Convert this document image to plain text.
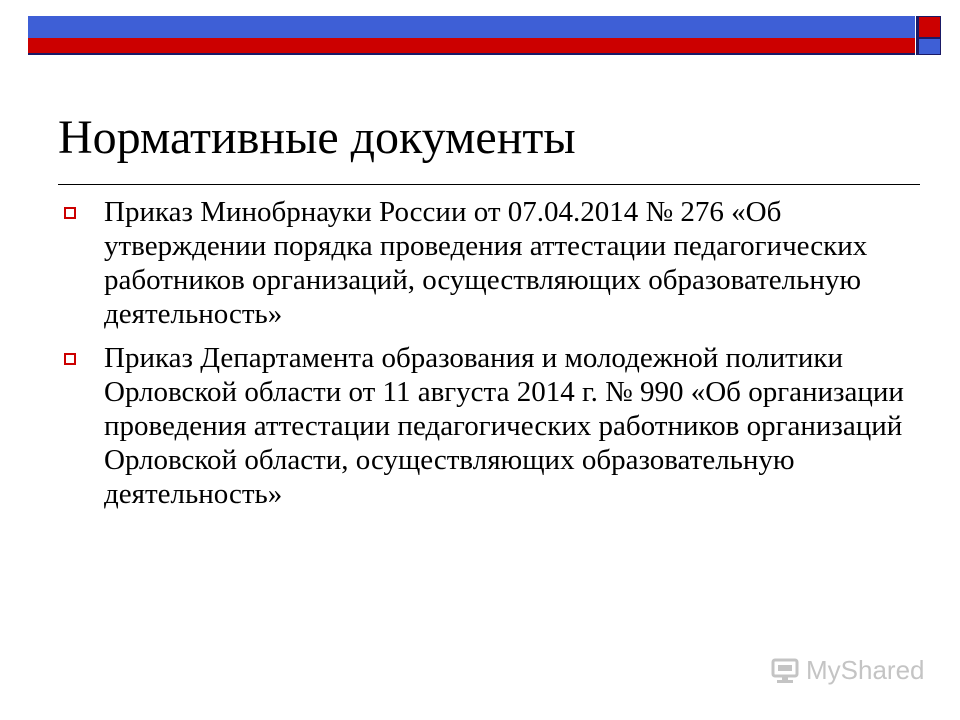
Нормативные документы
Приказ Минобрнауки России от 07.04.2014 № 276 «Об утверждении порядка проведения аттестации педагогических работников организаций, осуществляющих образовательную деятельность»
Приказ Департамента образования и молодежной политики Орловской области от 11 августа 2014 г. № 990 «Об организации проведения аттестации педагогических работников организаций Орловской области, осуществляющих образовательную деятельность»
MyShared
